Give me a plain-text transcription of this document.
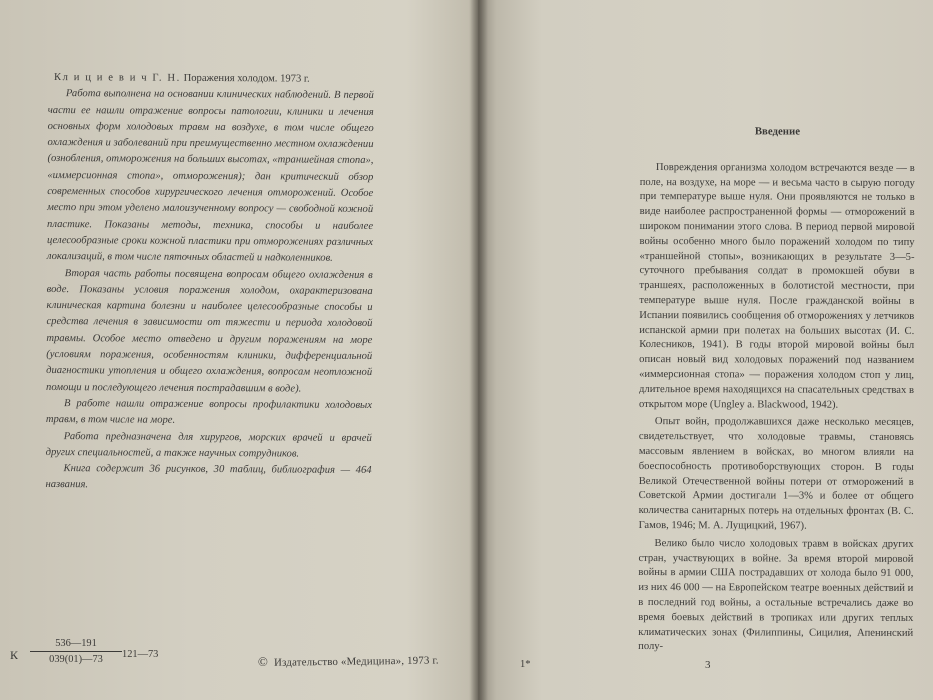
Кл и ц и е в и ч Г. Н. Поражения холодом. 1973 г.

Работа выполнена на основании клинических наблюдений. В первой части ее нашли отражение вопросы патологии, клиники и лечения основных форм холодовых травм на воздухе, в том числе общего охлаждения и заболеваний при преимущественно местном охлаждении (ознобления, отморожения на больших высотах, «траншейная стопа», «иммерсионная стопа», отморожения); дан критический обзор современных способов хирургического лечения отморожений. Особое место при этом уделено малоизученному вопросу — свободной кожной пластике. Показаны методы, техника, способы и наиболее целесообразные сроки кожной пластики при отморожениях различных локализаций, в том числе пяточных областей и надколенников.

Вторая часть работы посвящена вопросам общего охлаждения в воде. Показаны условия поражения холодом, охарактеризована клиническая картина болезни и наиболее целесообразные способы и средства лечения в зависимости от тяжести и периода холодовой травмы. Особое место отведено и другим поражениям на море (условиям поражения, особенностям клиники, дифференциальной диагностики утопления и общего охлаждения, вопросам неотложной помощи и последующего лечения пострадавшим в воде).

В работе нашли отражение вопросы профилактики холодовых травм, в том числе на море.

Работа предназначена для хирургов, морских врачей и врачей других специальностей, а также научных сотрудников.

Книга содержит 36 рисунков, 30 таблиц, библиография — 464 названия.

К $\frac{536—191}{039(01)—73}$ 121—73	© Издательство «Медицина», 1973 г.
Введение

Повреждения организма холодом встречаются везде — в поле, на воздухе, на море — и весьма часто в сырую погоду при температуре выше нуля. Они проявляются не только в виде наиболее распространенной формы — отморожений в широком понимании этого слова. В период первой мировой войны особенно много было поражений холодом по типу «траншейной стопы», возникающих в результате 3—5-суточного пребывания солдат в промокшей обуви в траншеях, расположенных в болотистой местности, при температуре выше нуля. После гражданской войны в Испании появились сообщения об отморожениях у летчиков испанской армии при полетах на больших высотах (И. С. Колесников, 1941). В годы второй мировой войны был описан новый вид холодовых поражений под названием «иммерсионная стопа» — поражения холодом стоп у лиц, длительное время находящихся на спасательных средствах в открытом море (Ungley a. Blackwood, 1942).

Опыт войн, продолжавшихся даже несколько месяцев, свидетельствует, что холодовые травмы, становясь массовым явлением в войсках, во многом влияли на боеспособность противоборствующих сторон. В годы Великой Отечественной войны потери от отморожений в Советской Армии достигали 1—3% и более от общего количества санитарных потерь на отдельных фронтах (В. С. Гамов, 1946; М. А. Лущицкий, 1967).

Велико было число холодовых травм в войсках других стран, участвующих в войне. За время второй мировой войны в армии США пострадавших от холода было 91 000, из них 46 000 — на Европейском театре военных действий и в последний год войны, а остальные встречались даже во время боевых действий в тропиках или других теплых климатических зонах (Филиппины, Сицилия, Апенинский полу-

1*	3
